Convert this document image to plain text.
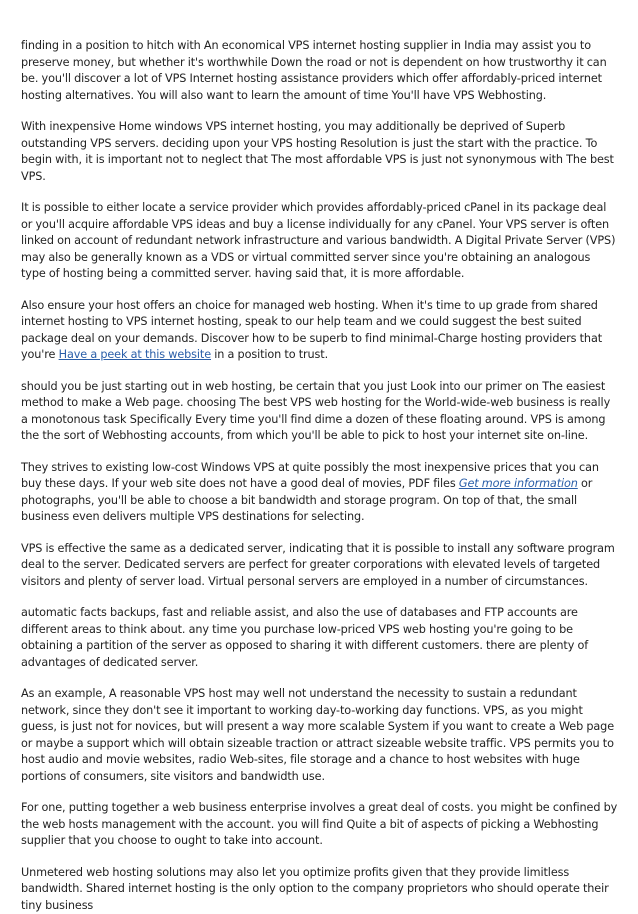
finding in a position to hitch with An economical VPS internet hosting supplier in India may assist you to preserve money, but whether it's worthwhile Down the road or not is dependent on how trustworthy it can be. you'll discover a lot of VPS Internet hosting assistance providers which offer affordably-priced internet hosting alternatives. You will also want to learn the amount of time You'll have VPS Webhosting.

With inexpensive Home windows VPS internet hosting, you may additionally be deprived of Superb outstanding VPS servers. deciding upon your VPS hosting Resolution is just the start with the practice. To begin with, it is important not to neglect that The most affordable VPS is just not synonymous with The best VPS.

It is possible to either locate a service provider which provides affordably-priced cPanel in its package deal or you'll acquire affordable VPS ideas and buy a license individually for any cPanel. Your VPS server is often linked on account of redundant network infrastructure and various bandwidth. A Digital Private Server (VPS) may also be generally known as a VDS or virtual committed server since you're obtaining an analogous type of hosting being a committed server. having said that, it is more affordable.

Also ensure your host offers an choice for managed web hosting. When it's time to up grade from shared internet hosting to VPS internet hosting, speak to our help team and we could suggest the best suited package deal on your demands. Discover how to be superb to find minimal-Charge hosting providers that you're Have a peek at this website in a position to trust.

should you be just starting out in web hosting, be certain that you just Look into our primer on The easiest method to make a Web page. choosing The best VPS web hosting for the World-wide-web business is really a monotonous task Specifically Every time you'll find dime a dozen of these floating around. VPS is among the the sort of Webhosting accounts, from which you'll be able to pick to host your internet site on-line.

They strives to existing low-cost Windows VPS at quite possibly the most inexpensive prices that you can buy these days. If your web site does not have a good deal of movies, PDF files Get more information or photographs, you'll be able to choose a bit bandwidth and storage program. On top of that, the small business even delivers multiple VPS destinations for selecting.

VPS is effective the same as a dedicated server, indicating that it is possible to install any software program deal to the server. Dedicated servers are perfect for greater corporations with elevated levels of targeted visitors and plenty of server load. Virtual personal servers are employed in a number of circumstances.

automatic facts backups, fast and reliable assist, and also the use of databases and FTP accounts are different areas to think about. any time you purchase low-priced VPS web hosting you're going to be obtaining a partition of the server as opposed to sharing it with different customers. there are plenty of advantages of dedicated server.

As an example, A reasonable VPS host may well not understand the necessity to sustain a redundant network, since they don't see it important to working day-to-working day functions. VPS, as you might guess, is just not for novices, but will present a way more scalable System if you want to create a Web page or maybe a support which will obtain sizeable traction or attract sizeable website traffic. VPS permits you to host audio and movie websites, radio Web-sites, file storage and a chance to host websites with huge portions of consumers, site visitors and bandwidth use.

For one, putting together a web business enterprise involves a great deal of costs. you might be confined by the web hosts management with the account. you will find Quite a bit of aspects of picking a Webhosting supplier that you choose to ought to take into account.

Unmetered web hosting solutions may also let you optimize profits given that they provide limitless bandwidth. Shared internet hosting is the only option to the company proprietors who should operate their tiny business
